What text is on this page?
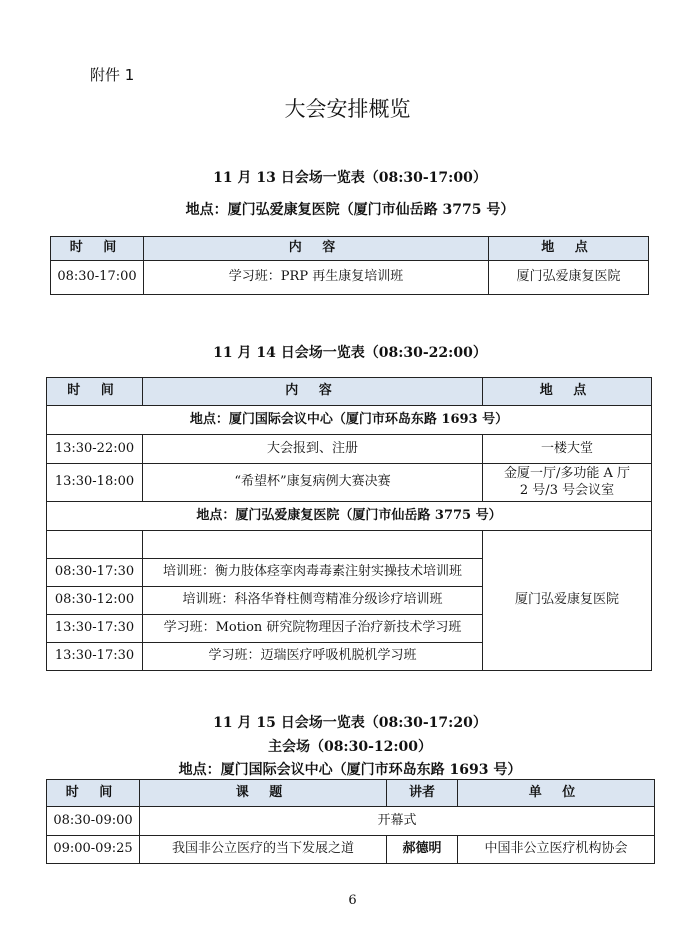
附件 1
大会安排概览
11 月 13 日会场一览表（08:30-17:00）
地点：厦门弘爱康复医院（厦门市仙岳路 3775 号）
时 间	内 容	地 点
08:30-17:00	学习班：PRP 再生康复培训班	厦门弘爱康复医院
11 月 14 日会场一览表（08:30-22:00）
时 间	内 容	地 点
地点：厦门国际会议中心（厦门市环岛东路 1693 号）		
13:30-22:00	大会报到、注册	一楼大堂
13:30-18:00	“希望杯”康复病例大赛决赛	金厦一厅/多功能 A 厅
2 号/3 号会议室

地点：厦门弘爱康复医院（厦门市仙岳路 3775 号）		
		厦门弘爱康复医院
08:30-17:30	培训班：衡力肢体痉挛肉毒毒素注射实操技术培训班	
08:30-12:00	培训班：科洛华脊柱侧弯精准分级诊疗培训班	
13:30-17:30	学习班：Motion 研究院物理因子治疗新技术学习班	
13:30-17:30	学习班：迈瑞医疗呼吸机脱机学习班	
11 月 15 日会场一览表（08:30-17:20）
主会场（08:30-12:00）
地点：厦门国际会议中心（厦门市环岛东路 1693 号）
时 间	课 题	讲者	单 位
08:30-09:00	开幕式		
09:00-09:25	我国非公立医疗的当下发展之道	郝德明	中国非公立医疗机构协会
6
